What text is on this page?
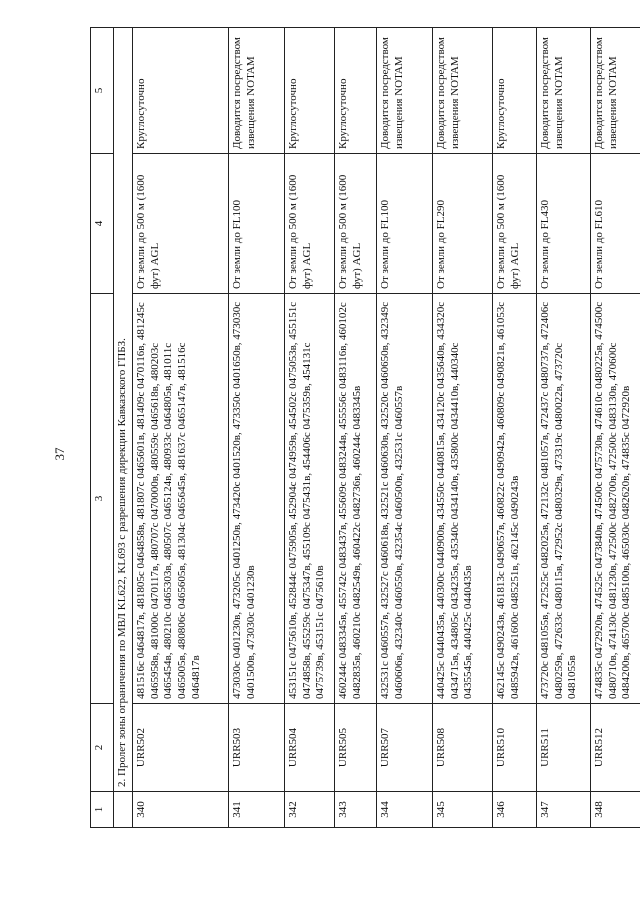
37
1	2	3	4	5
	2. Пролет зоны ограничения по МВЛ KL622, KL693 с разрешения дирекции Кавказского ГПБЗ.			
340	URR502	481516с 0464817в, 481805с 0464858в, 481807с 0465601в, 481409с 0470116в, 481245с 0465958в, 481000с 0470117в, 480707с 0470000в, 480559с 0465618в, 480203с 0465454в, 480210с 0465303в, 480507с 0465124в, 480933с 0464805в, 481011с 0465005в, 480806с 0465605в, 481304с 0465645в, 481637с 0465147в, 481516с 0464817в	От земли до 500 м (1600 фут) AGL	Круглосуточно
341	URR503	473030с 0401230в, 473205с 0401250в, 473420с 0401520в, 473350с 0401650в, 473030с 0401500в, 473030с 0401230в	От земли до FL100	Доводится посредством извещения NOTAM
342	URR504	453151с 0475610в, 452844с 0475905в, 452904с 0474959в, 454502с 0475053в, 455151с 0474858в, 455259с 0475347в, 455109с 0475431в, 454406с 0475359в, 454131с 0475739в, 453151с 0475610в	От земли до 500 м (1600 фут) AGL	Круглосуточно
343	URR505	460244с 0483345в, 455742с 0483437в, 455609с 0483244в, 455556с 0483116в, 460102с 0482835в, 460210с 0482549в, 460422с 0482736в, 460244с 0483345в	От земли до 500 м (1600 фут) AGL	Круглосуточно
344	URR507	432531с 0460557в, 432527с 0460618в, 432521с 0460630в, 432520с 0460650в, 432349с 0460606в, 432340с 0460550в, 432354с 0460500в, 432531с 0460557в	От земли до FL100	Доводится посредством извещения NOTAM
345	URR508	440425с 0440435в, 440300с 0440900в, 434550с 0440815в, 434120с 0435640в, 434320с 0434715в, 434805с 0434235в, 435340с 0434140в, 435800с 0434410в, 440340с 0435545в, 440425с 0440435в	От земли до FL290	Доводится посредством извещения NOTAM
346	URR510	462145с 0490243в, 461813с 0490657в, 460822с 0490942в, 460809с 0490821в, 461053с 0485942в, 461600с 0485251в, 462145с 0490243в	От земли до 500 м (1600 фут) AGL	Круглосуточно
347	URR511	473720с 0481055в, 472525с 0482025в, 472132с 0481057в, 472437с 0480737в, 472406с 0480259в, 472633с 0480115в, 472952с 0480329в, 473319с 0480022в, 473720с 0481055в	От земли до FL430	Доводится посредством извещения NOTAM
348	URR512	474835с 0472920в, 474525с 0473840в, 474500с 0475730в, 474610с 0480225в, 474500с 0480710в, 474130с 0481230в, 472500с 0482700в, 472500с 0483130в, 470600с 0484200в, 465700с 0485100в, 465030с 0482620в, 474835с 0472920в	От земли до FL610	Доводится посредством извещения NOTAM
